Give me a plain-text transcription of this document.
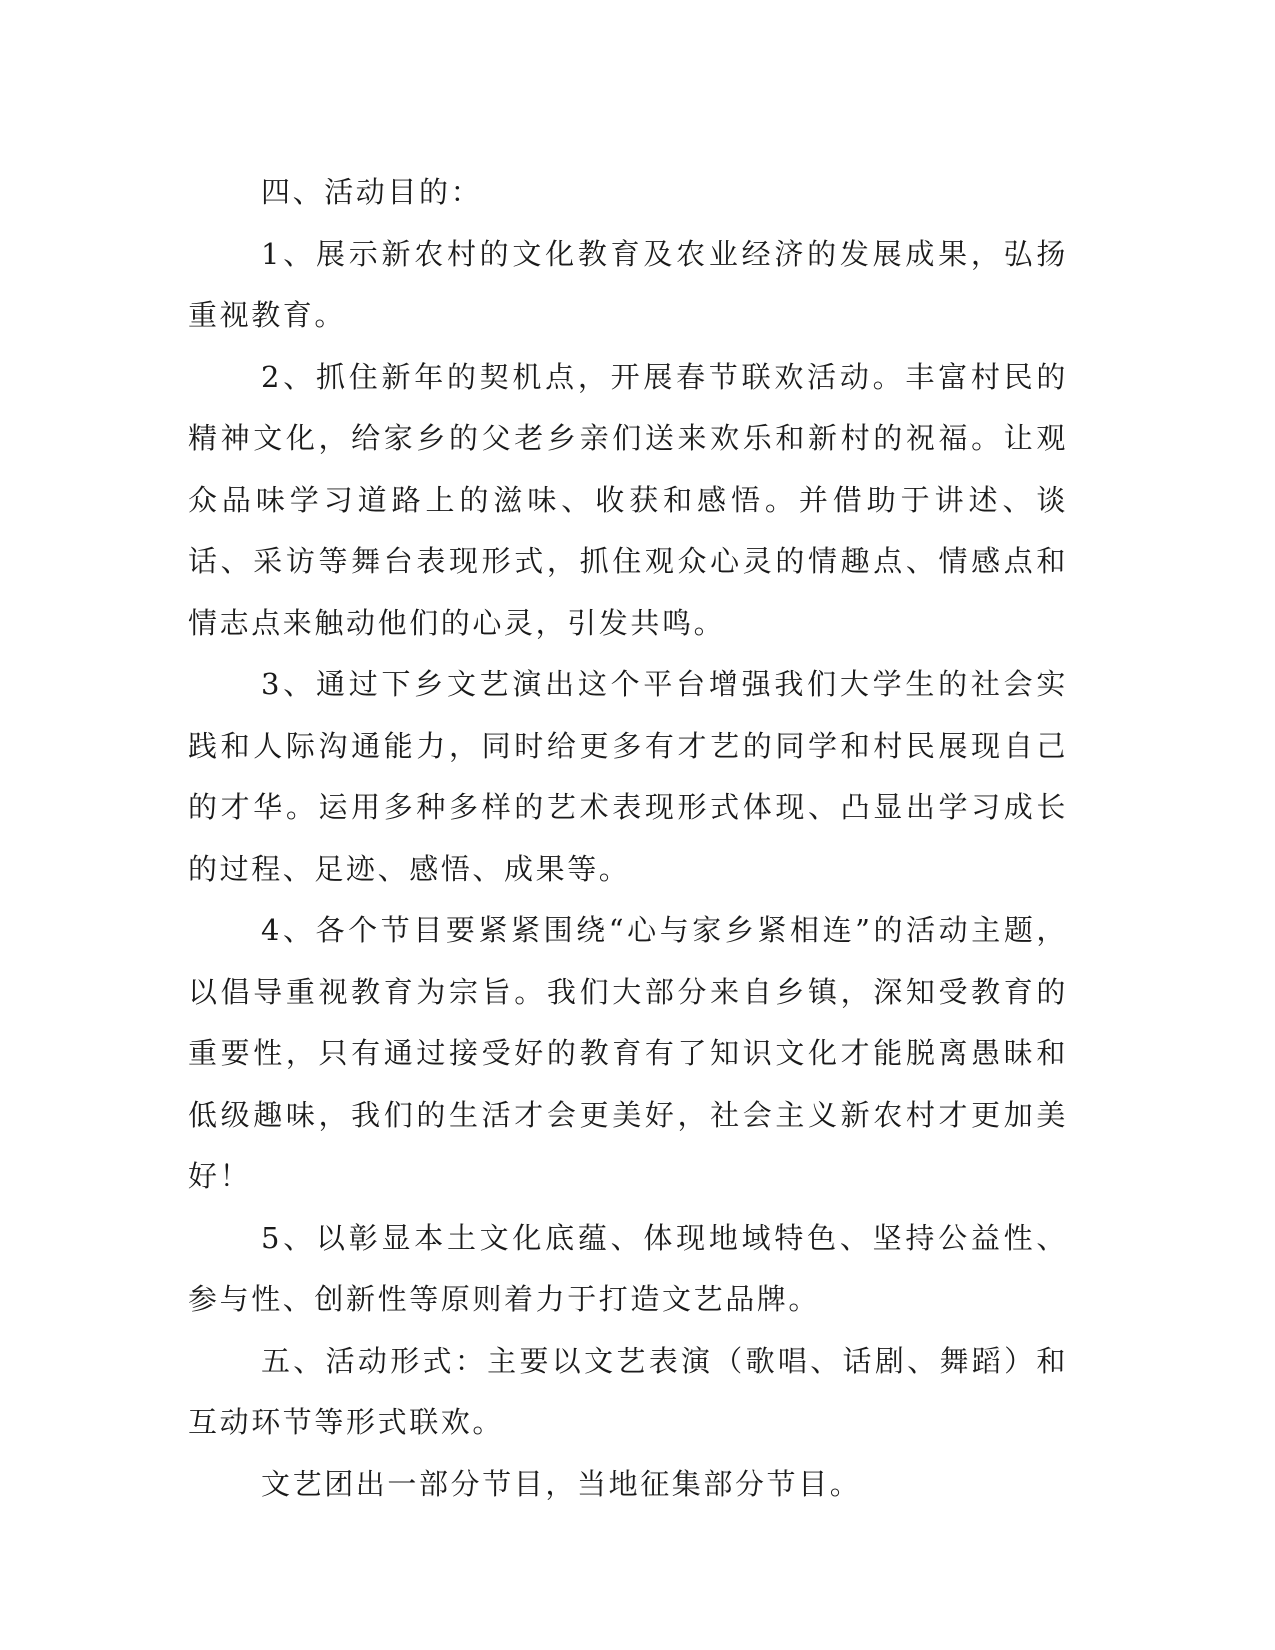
四、活动目的：

1、展示新农村的文化教育及农业经济的发展成果，弘扬重视教育。

2、抓住新年的契机点，开展春节联欢活动。丰富村民的精神文化，给家乡的父老乡亲们送来欢乐和新村的祝福。让观众品味学习道路上的滋味、收获和感悟。并借助于讲述、谈话、采访等舞台表现形式，抓住观众心灵的情趣点、情感点和情志点来触动他们的心灵，引发共鸣。

3、通过下乡文艺演出这个平台增强我们大学生的社会实践和人际沟通能力，同时给更多有才艺的同学和村民展现自己的才华。运用多种多样的艺术表现形式体现、凸显出学习成长的过程、足迹、感悟、成果等。

4、各个节目要紧紧围绕“心与家乡紧相连”的活动主题，以倡导重视教育为宗旨。我们大部分来自乡镇，深知受教育的重要性，只有通过接受好的教育有了知识文化才能脱离愚昧和低级趣味，我们的生活才会更美好，社会主义新农村才更加美好！

5、以彰显本土文化底蕴、体现地域特色、坚持公益性、参与性、创新性等原则着力于打造文艺品牌。

五、活动形式：主要以文艺表演（歌唱、话剧、舞蹈）和互动环节等形式联欢。

文艺团出一部分节目，当地征集部分节目。
